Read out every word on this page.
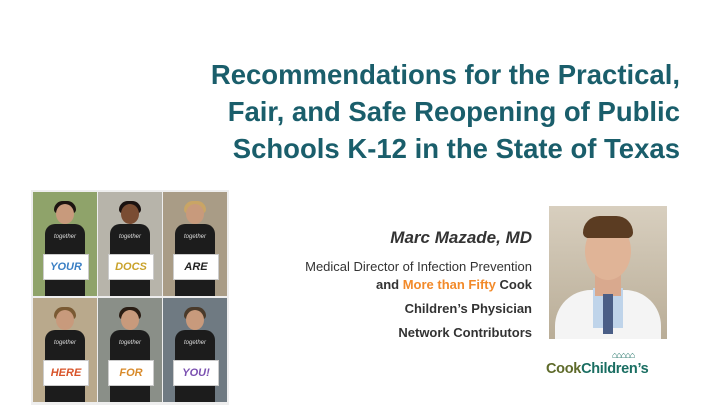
Recommendations for the Practical,
Fair, and Safe Reopening of Public
Schools K-12 in the State of Texas
together
YOUR
together
DOCS
together
ARE
together
HERE
together
FOR
together
YOU!
Marc Mazade, MD
Medical Director of Infection Prevention
and More than Fifty Cook
Children’s Physician
Network Contributors
⌂⌂⌂⌂⌂
CookChildren’s
